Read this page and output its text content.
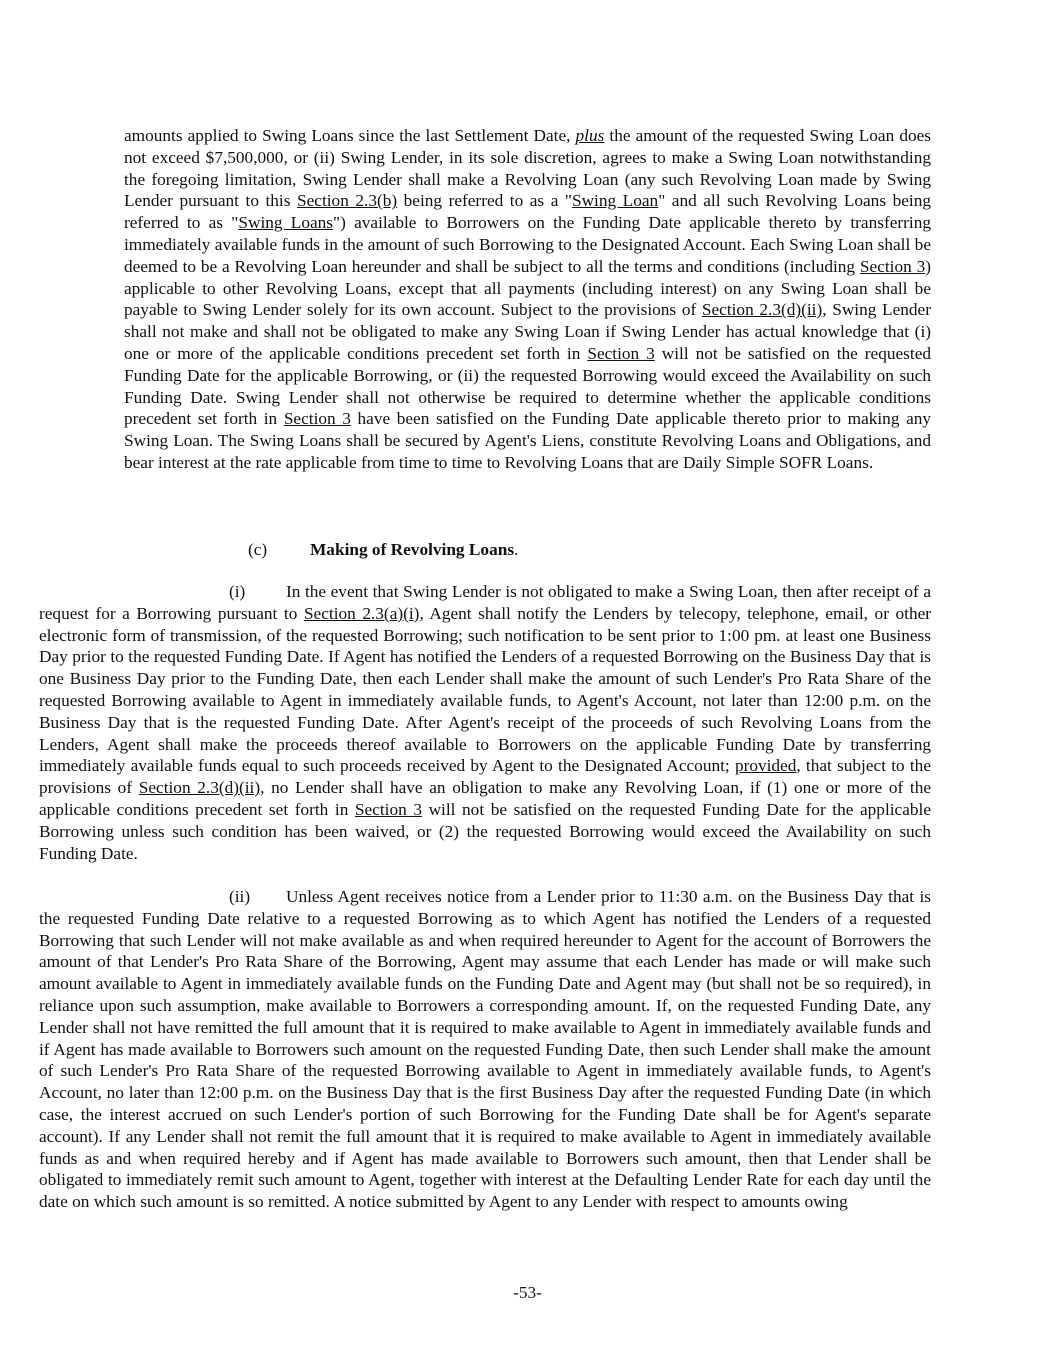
amounts applied to Swing Loans since the last Settlement Date, plus the amount of the requested Swing Loan does not exceed $7,500,000, or (ii) Swing Lender, in its sole discretion, agrees to make a Swing Loan notwithstanding the foregoing limitation, Swing Lender shall make a Revolving Loan (any such Revolving Loan made by Swing Lender pursuant to this Section 2.3(b) being referred to as a "Swing Loan" and all such Revolving Loans being referred to as "Swing Loans") available to Borrowers on the Funding Date applicable thereto by transferring immediately available funds in the amount of such Borrowing to the Designated Account. Each Swing Loan shall be deemed to be a Revolving Loan hereunder and shall be subject to all the terms and conditions (including Section 3) applicable to other Revolving Loans, except that all payments (including interest) on any Swing Loan shall be payable to Swing Lender solely for its own account. Subject to the provisions of Section 2.3(d)(ii), Swing Lender shall not make and shall not be obligated to make any Swing Loan if Swing Lender has actual knowledge that (i) one or more of the applicable conditions precedent set forth in Section 3 will not be satisfied on the requested Funding Date for the applicable Borrowing, or (ii) the requested Borrowing would exceed the Availability on such Funding Date. Swing Lender shall not otherwise be required to determine whether the applicable conditions precedent set forth in Section 3 have been satisfied on the Funding Date applicable thereto prior to making any Swing Loan. The Swing Loans shall be secured by Agent's Liens, constitute Revolving Loans and Obligations, and bear interest at the rate applicable from time to time to Revolving Loans that are Daily Simple SOFR Loans.

(c) Making of Revolving Loans.

(i) In the event that Swing Lender is not obligated to make a Swing Loan, then after receipt of a request for a Borrowing pursuant to Section 2.3(a)(i), Agent shall notify the Lenders by telecopy, telephone, email, or other electronic form of transmission, of the requested Borrowing; such notification to be sent prior to 1:00 pm. at least one Business Day prior to the requested Funding Date. If Agent has notified the Lenders of a requested Borrowing on the Business Day that is one Business Day prior to the Funding Date, then each Lender shall make the amount of such Lender's Pro Rata Share of the requested Borrowing available to Agent in immediately available funds, to Agent's Account, not later than 12:00 p.m. on the Business Day that is the requested Funding Date. After Agent's receipt of the proceeds of such Revolving Loans from the Lenders, Agent shall make the proceeds thereof available to Borrowers on the applicable Funding Date by transferring immediately available funds equal to such proceeds received by Agent to the Designated Account; provided, that subject to the provisions of Section 2.3(d)(ii), no Lender shall have an obligation to make any Revolving Loan, if (1) one or more of the applicable conditions precedent set forth in Section 3 will not be satisfied on the requested Funding Date for the applicable Borrowing unless such condition has been waived, or (2) the requested Borrowing would exceed the Availability on such Funding Date.

(ii) Unless Agent receives notice from a Lender prior to 11:30 a.m. on the Business Day that is the requested Funding Date relative to a requested Borrowing as to which Agent has notified the Lenders of a requested Borrowing that such Lender will not make available as and when required hereunder to Agent for the account of Borrowers the amount of that Lender's Pro Rata Share of the Borrowing, Agent may assume that each Lender has made or will make such amount available to Agent in immediately available funds on the Funding Date and Agent may (but shall not be so required), in reliance upon such assumption, make available to Borrowers a corresponding amount. If, on the requested Funding Date, any Lender shall not have remitted the full amount that it is required to make available to Agent in immediately available funds and if Agent has made available to Borrowers such amount on the requested Funding Date, then such Lender shall make the amount of such Lender's Pro Rata Share of the requested Borrowing available to Agent in immediately available funds, to Agent's Account, no later than 12:00 p.m. on the Business Day that is the first Business Day after the requested Funding Date (in which case, the interest accrued on such Lender's portion of such Borrowing for the Funding Date shall be for Agent's separate account). If any Lender shall not remit the full amount that it is required to make available to Agent in immediately available funds as and when required hereby and if Agent has made available to Borrowers such amount, then that Lender shall be obligated to immediately remit such amount to Agent, together with interest at the Defaulting Lender Rate for each day until the date on which such amount is so remitted. A notice submitted by Agent to any Lender with respect to amounts owing

-53-
